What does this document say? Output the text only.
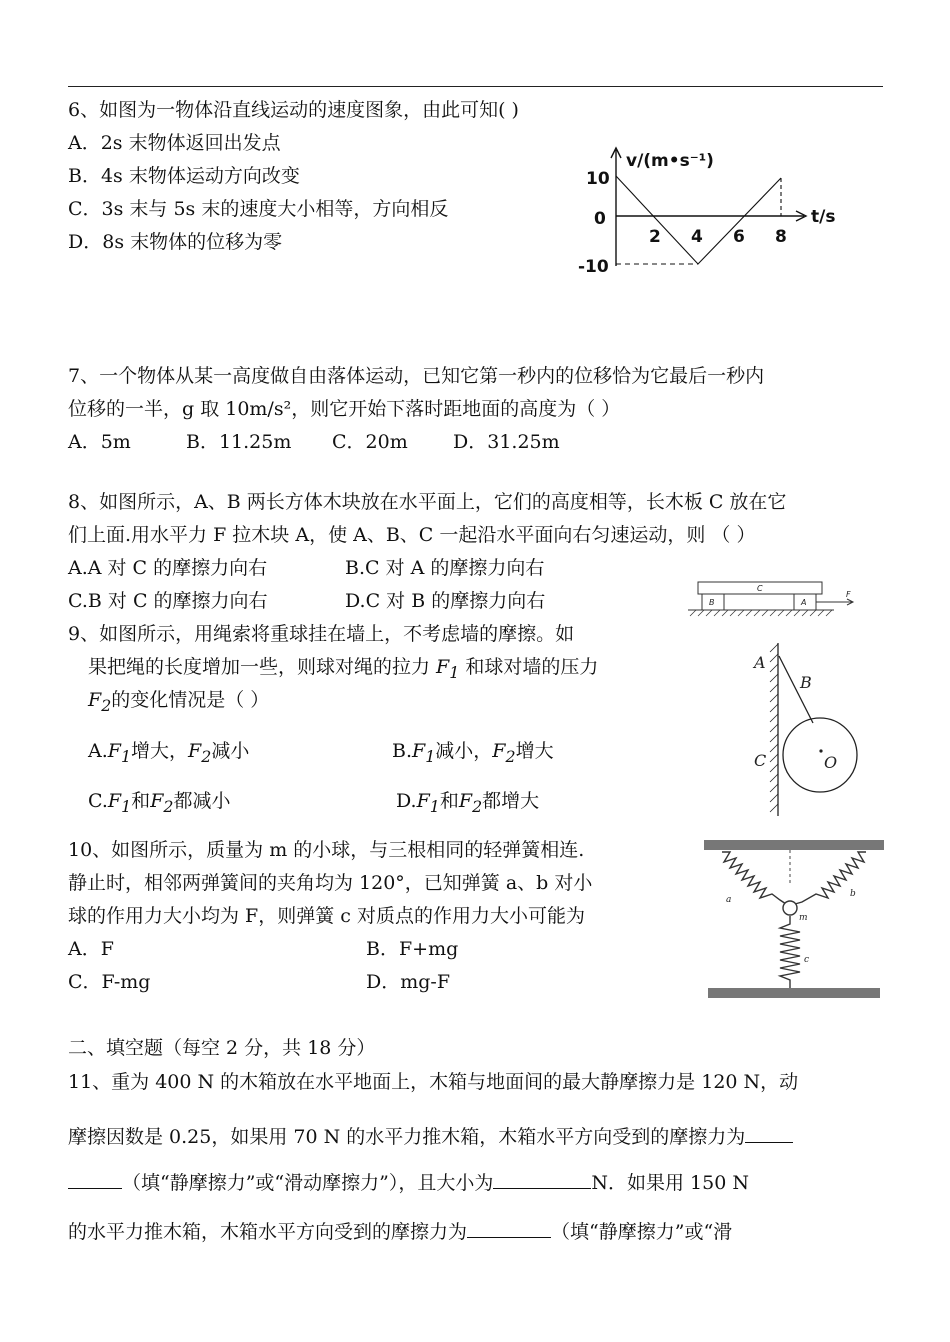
6、如图为一物体沿直线运动的速度图象，由此可知( )
A．2s 末物体返回出发点
B．4s 末物体运动方向改变
C．3s 末与 5s 末的速度大小相等，方向相反
D．8s 末物体的位移为零
v/(m•s⁻¹)
t/s
10
0
-10
2 4 6 8
7、一个物体从某一高度做自由落体运动，已知它第一秒内的位移恰为它最后一秒内
位移的一半，g 取 10m/s²，则它开始下落时距地面的高度为（ ）
A．5m	B．11.25m C．20m D．31.25m
8、如图所示，A、B 两长方体木块放在水平面上，它们的高度相等，长木板 C 放在它
们上面.用水平力 F 拉木块 A，使 A、B、C 一起沿水平面向右匀速运动，则 （ ）
A.A 对 C 的摩擦力向右	B.C 对 A 的摩擦力向右
C.B 对 C 的摩擦力向右	D.C 对 B 的摩擦力向右
C
B	A
F
9、如图所示，用绳索将重球挂在墙上，不考虑墙的摩擦。如
果把绳的长度增加一些，则球对绳的拉力 $F_1$ 和球对墙的压力
$F_2$的变化情况是（ ）
$A.F_1$增大，$F_2$减小	$B.F_1$减小，$F_2$增大
$C.F_1$和$F_2$都减小	$D.F_1$和$F_2$都增大
A
B
C	O
10、如图所示，质量为 m 的小球，与三根相同的轻弹簧相连.
静止时，相邻两弹簧间的夹角均为 120°，已知弹簧 a、b 对小
球的作用力大小均为 F，则弹簧 c 对质点的作用力大小可能为
A．F	B．F+mg
C．F-mg	D．mg-F
a
b
m
c
二、填空题（每空 2 分，共 18 分）
11、重为 400 N 的木箱放在水平地面上，木箱与地面间的最大静摩擦力是 120 N，动
摩擦因数是 0.25，如果用 70 N 的水平力推木箱，木箱水平方向受到的摩擦力为
（填“静摩擦力”或“滑动摩擦力”），且大小为	N．如果用 150 N
的水平力推木箱，木箱水平方向受到的摩擦力为	（填“静摩擦力”或“滑
